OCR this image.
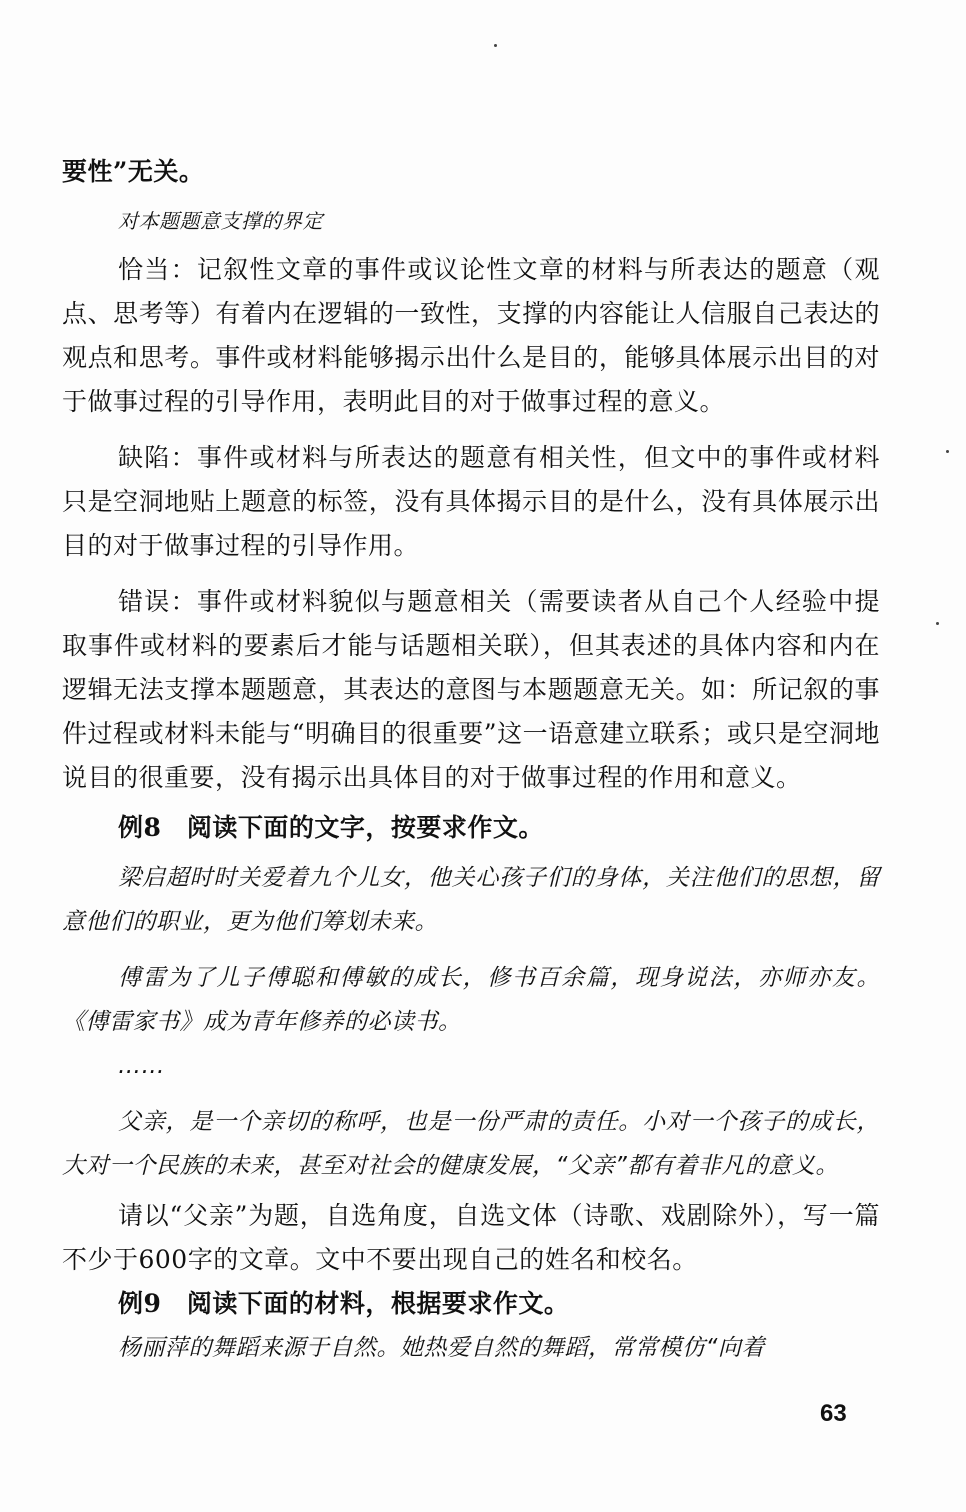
要性”无关。

对本题题意支撑的界定

恰当：记叙性文章的事件或议论性文章的材料与所表达的题意（观点、思考等）有着内在逻辑的一致性，支撑的内容能让人信服自己表达的观点和思考。事件或材料能够揭示出什么是目的，能够具体展示出目的对于做事过程的引导作用，表明此目的对于做事过程的意义。

缺陷：事件或材料与所表达的题意有相关性，但文中的事件或材料只是空洞地贴上题意的标签，没有具体揭示目的是什么，没有具体展示出目的对于做事过程的引导作用。

错误：事件或材料貌似与题意相关（需要读者从自己个人经验中提取事件或材料的要素后才能与话题相关联），但其表述的具体内容和内在逻辑无法支撑本题题意，其表达的意图与本题题意无关。如：所记叙的事件过程或材料未能与“明确目的很重要”这一语意建立联系；或只是空洞地说目的很重要，没有揭示出具体目的对于做事过程的作用和意义。

例8　阅读下面的文字，按要求作文。

梁启超时时关爱着九个儿女，他关心孩子们的身体，关注他们的思想，留意他们的职业，更为他们筹划未来。

傅雷为了儿子傅聪和傅敏的成长，修书百余篇，现身说法，亦师亦友。《傅雷家书》成为青年修养的必读书。

……

父亲，是一个亲切的称呼，也是一份严肃的责任。小对一个孩子的成长，大对一个民族的未来，甚至对社会的健康发展，“父亲”都有着非凡的意义。

请以“父亲”为题，自选角度，自选文体（诗歌、戏剧除外），写一篇不少于600字的文章。文中不要出现自己的姓名和校名。

例9　阅读下面的材料，根据要求作文。

杨丽萍的舞蹈来源于自然。她热爱自然的舞蹈，常常模仿“向着

63
